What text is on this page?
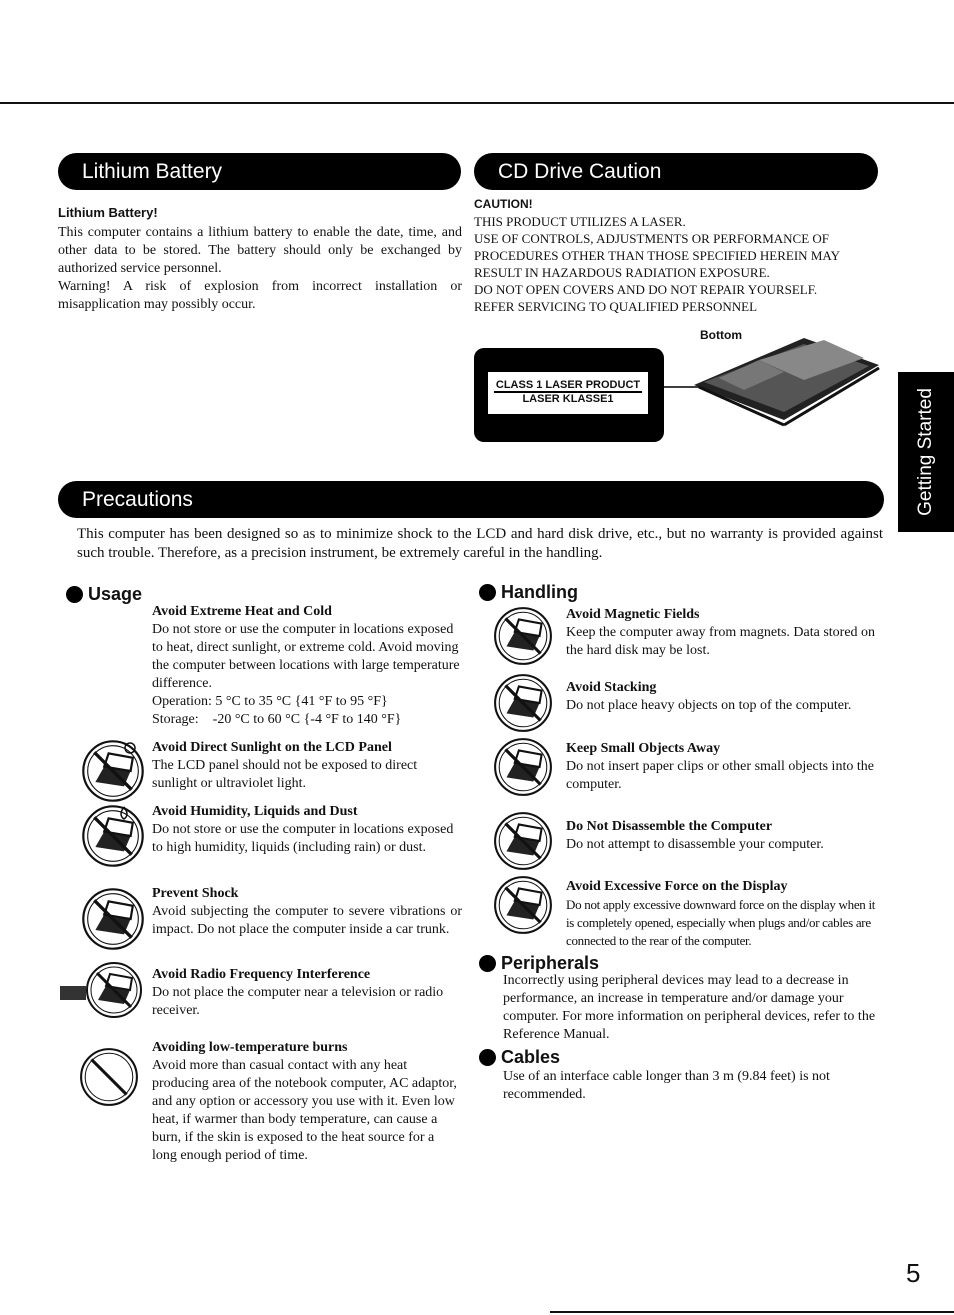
Lithium Battery
Lithium Battery!
This computer contains a lithium battery to enable the date, time, and other data to be stored. The battery should only be exchanged by authorized service personnel.
Warning! A risk of explosion from incorrect installation or misapplication may possibly occur.
CD Drive Caution
CAUTION!
THIS PRODUCT UTILIZES A LASER.
USE OF CONTROLS, ADJUSTMENTS OR PERFORMANCE OF PROCEDURES OTHER THAN THOSE SPECIFIED HEREIN MAY RESULT IN HAZARDOUS RADIATION EXPOSURE.
DO NOT OPEN COVERS AND DO NOT REPAIR YOURSELF.
REFER SERVICING TO QUALIFIED PERSONNEL
Bottom
CLASS 1 LASER PRODUCT
LASER KLASSE1	Getting Started
Precautions
This computer has been designed so as to minimize shock to the LCD and hard disk drive, etc., but no warranty is provided against such trouble. Therefore, as a precision instrument, be extremely careful in the handling.
Usage
Avoid Extreme Heat and Cold
Do not store or use the computer in locations exposed to heat, direct sunlight, or extreme cold. Avoid moving the computer between locations with large temperature difference.
Operation: 5 °C to 35 °C {41 °F to 95 °F}
Storage: -20 °C to 60 °C {-4 °F to 140 °F}
Avoid Direct Sunlight on the LCD Panel
The LCD panel should not be exposed to direct sunlight or ultraviolet light.
Avoid Humidity, Liquids and Dust
Do not store or use the computer in locations exposed to high humidity, liquids (including rain) or dust.
Prevent Shock
Avoid subjecting the computer to severe vibrations or impact. Do not place the computer inside a car trunk.
Avoid Radio Frequency Interference
Do not place the computer near a television or radio receiver.
Avoiding low-temperature burns
Avoid more than casual contact with any heat producing area of the notebook computer, AC adaptor, and any option or accessory you use with it. Even low heat, if warmer than body temperature, can cause a burn, if the skin is exposed to the heat source for a long enough period of time.
Handling
Avoid Magnetic Fields
Keep the computer away from magnets. Data stored on the hard disk may be lost.
Avoid Stacking
Do not place heavy objects on top of the computer.
Keep Small Objects Away
Do not insert paper clips or other small objects into the computer.
Do Not Disassemble the Computer
Do not attempt to disassemble your computer.
Avoid Excessive Force on the Display
Do not apply excessive downward force on the display when it is completely opened, especially when plugs and/or cables are connected to the rear of the computer.
Peripherals
Incorrectly using peripheral devices may lead to a decrease in performance, an increase in temperature and/or damage your computer. For more information on peripheral devices, refer to the Reference Manual.
Cables
Use of an interface cable longer than 3 m (9.84 feet) is not recommended.
5
